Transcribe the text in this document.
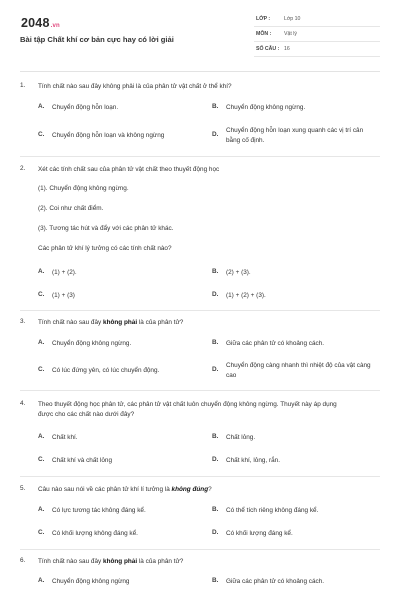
2048.vn
Bài tập Chất khí cơ bản cực hay có lời giải
LỚP :	Lớp 10
MÔN : Vật lý
SỐ CÂU : 16
1. Tính chất nào sau đây không phải là của phân tử vật chất ở thể khí?
A. Chuyển động hỗn loạn.	B. Chuyển động không ngừng.
C. Chuyển động hỗn loạn và không ngừng	D.
Chuyển động hỗn loạn xung quanh các vị trí cân bằng cố định.
2. Xét các tính chất sau của phân tử vật chất theo thuyết động học
(1). Chuyển động không ngừng.
(2). Coi như chất điểm.
(3). Tương tác hút và đẩy với các phân tử khác.
Các phân tử khí lý tưởng có các tính chất nào?
A. (1) + (2).	B. (2) + (3).
C. (1) + (3)	D. (1) + (2) + (3).
3. Tính chất nào sau đây không phải là của phân tử?
A. Chuyển động không ngừng.	B. Giữa các phân tử có khoảng cách.
C. Có lúc đứng yên, có lúc chuyển động.	D.
Chuyển động càng nhanh thì nhiệt độ của vật càng cao
4. Theo thuyết động học phân tử, các phân tử vật chất luôn chuyển động không ngừng. Thuyết này áp dụng được cho các chất nào dưới đây?
A. Chất khí.	B. Chất lỏng.
C. Chất khí và chất lỏng	D. Chất khí, lỏng, rắn.
5. Câu nào sau nói về các phân tử khí lí tưởng là không đúng?
A. Có lực tương tác không đáng kể.	B. Có thể tích riêng không đáng kể.
C. Có khối lượng không đáng kể.	D. Có khối lượng đáng kể.
6. Tính chất nào sau đây không phải là của phân tử?
A. Chuyển động không ngừng	B. Giữa các phân tử có khoảng cách.
